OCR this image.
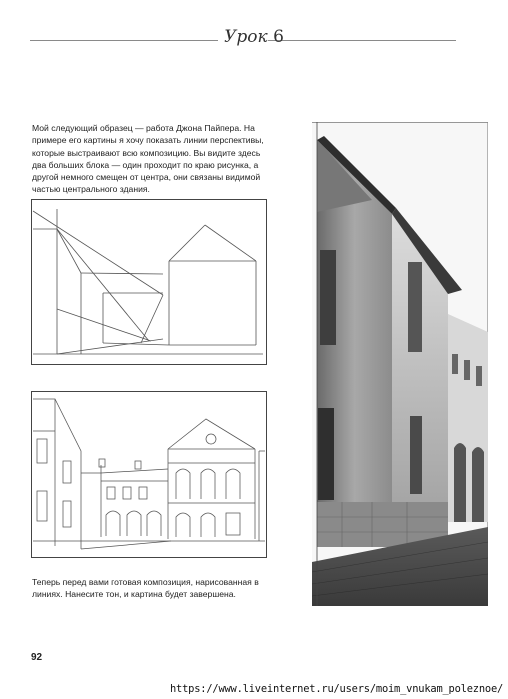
Урок 6
Мой следующий образец — работа Джона Пайпера. На примере его картины я хочу показать линии перспективы, которые выстраивают всю композицию. Вы видите здесь два больших блока — один проходит по краю рисунка, а другой немного смещен от центра, они связаны видимой частью центрального здания.
Теперь перед вами готовая композиция, нарисованная в линиях. Нанесите тон, и картина будет завершена.
92
https://www.liveinternet.ru/users/moim_vnukam_poleznoe/
